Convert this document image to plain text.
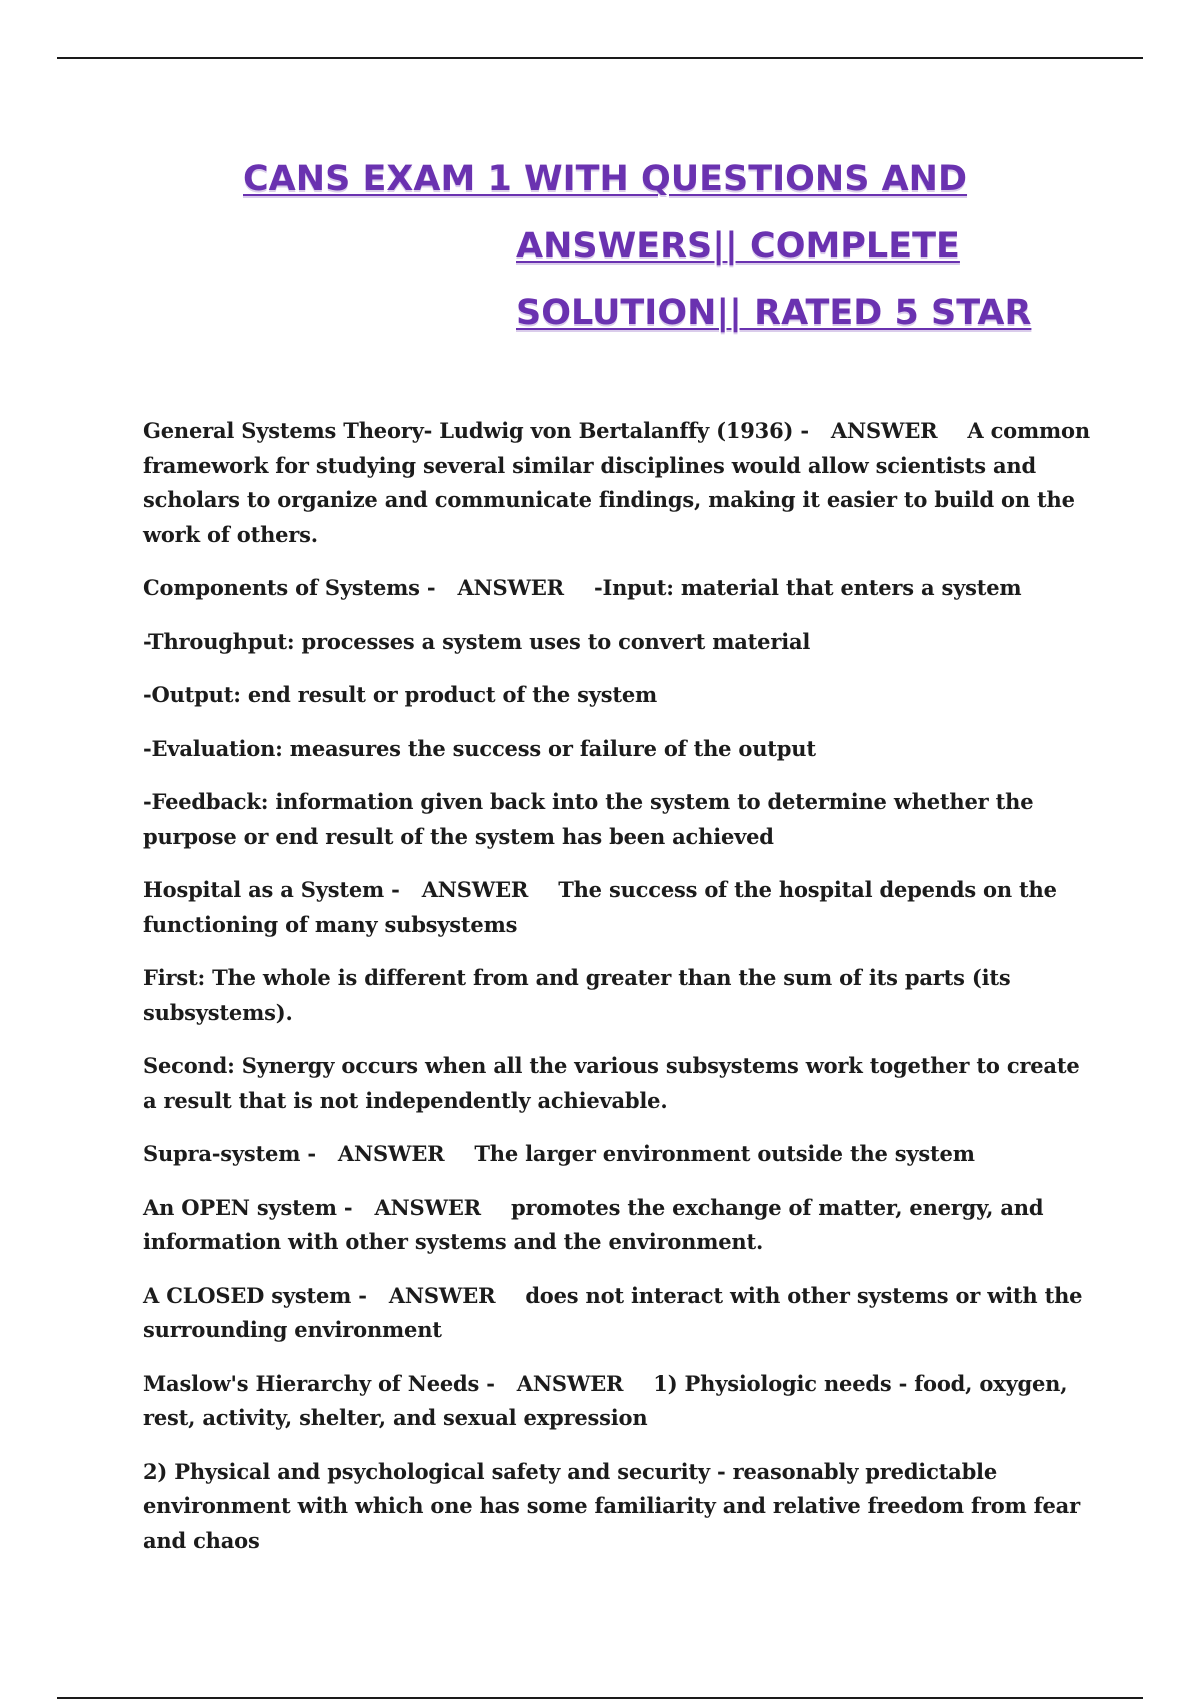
CANS EXAM 1 WITH QUESTIONS AND
ANSWERS|| COMPLETE
SOLUTION|| RATED 5 STAR

General Systems Theory- Ludwig von Bertalanffy (1936) - ANSWER A common framework for studying several similar disciplines would allow scientists and scholars to organize and communicate findings, making it easier to build on the work of others.

Components of Systems - ANSWER -Input: material that enters a system

-Throughput: processes a system uses to convert material

-Output: end result or product of the system

-Evaluation: measures the success or failure of the output

-Feedback: information given back into the system to determine whether the purpose or end result of the system has been achieved

Hospital as a System - ANSWER The success of the hospital depends on the functioning of many subsystems

First: The whole is different from and greater than the sum of its parts (its subsystems).

Second: Synergy occurs when all the various subsystems work together to create a result that is not independently achievable.

Supra-system - ANSWER The larger environment outside the system

An OPEN system - ANSWER promotes the exchange of matter, energy, and information with other systems and the environment.

A CLOSED system - ANSWER does not interact with other systems or with the surrounding environment

Maslow's Hierarchy of Needs - ANSWER 1) Physiologic needs - food, oxygen, rest, activity, shelter, and sexual expression

2) Physical and psychological safety and security - reasonably predictable environment with which one has some familiarity and relative freedom from fear and chaos
